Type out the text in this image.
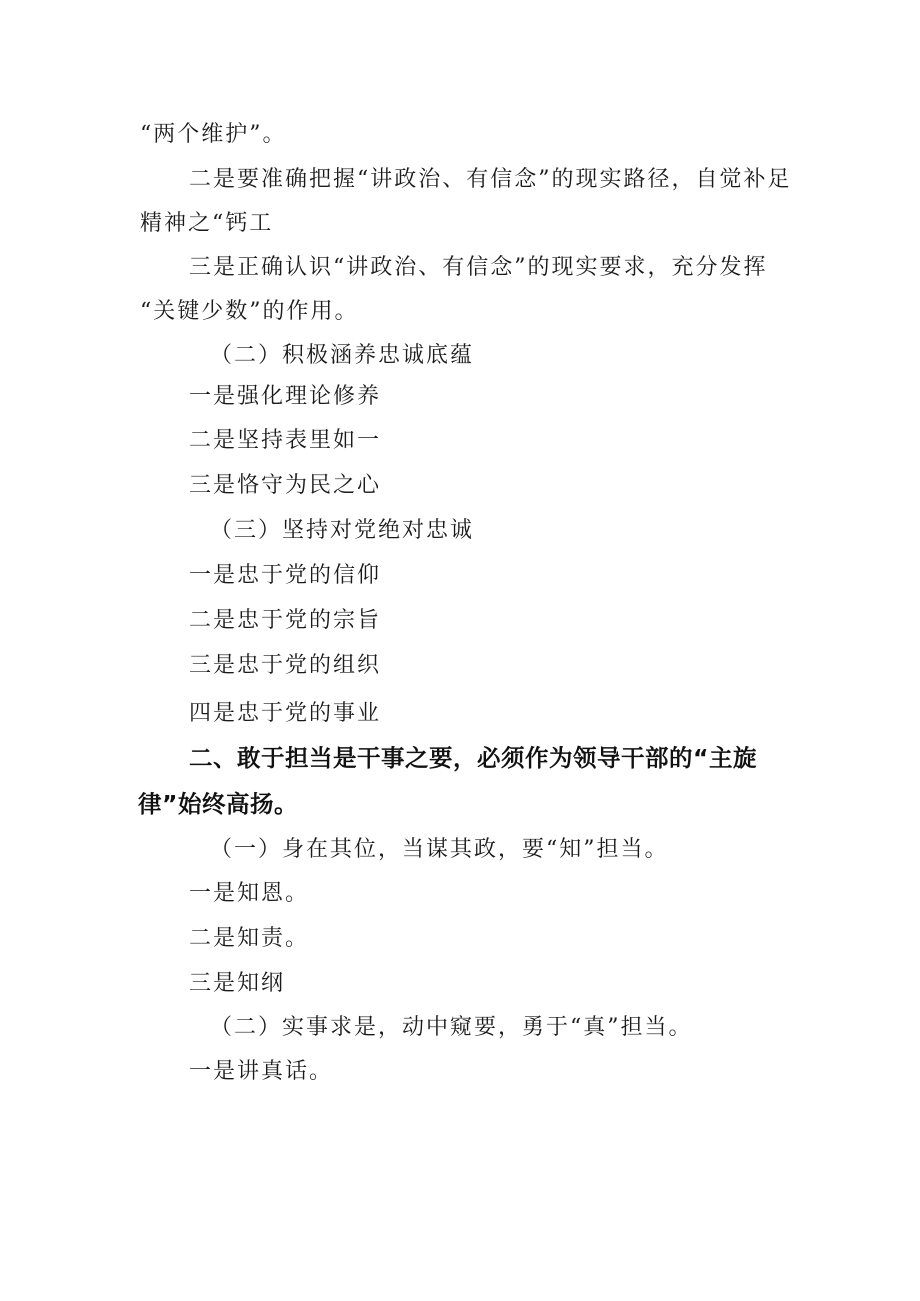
“两个维护”。
二是要准确把握“讲政治、有信念”的现实路径，自觉补足
精神之“钙工
三是正确认识“讲政治、有信念”的现实要求，充分发挥
“关键少数”的作用。
（二）积极涵养忠诚底蕴
一是强化理论修养
二是坚持表里如一
三是恪守为民之心
（三）坚持对党绝对忠诚
一是忠于党的信仰
二是忠于党的宗旨
三是忠于党的组织
四是忠于党的事业
二、敢于担当是干事之要，必须作为领导干部的“主旋
律”始终高扬。
（一）身在其位，当谋其政，要“知”担当。
一是知恩。
二是知责。
三是知纲
（二）实事求是，动中窥要，勇于“真”担当。
一是讲真话。
